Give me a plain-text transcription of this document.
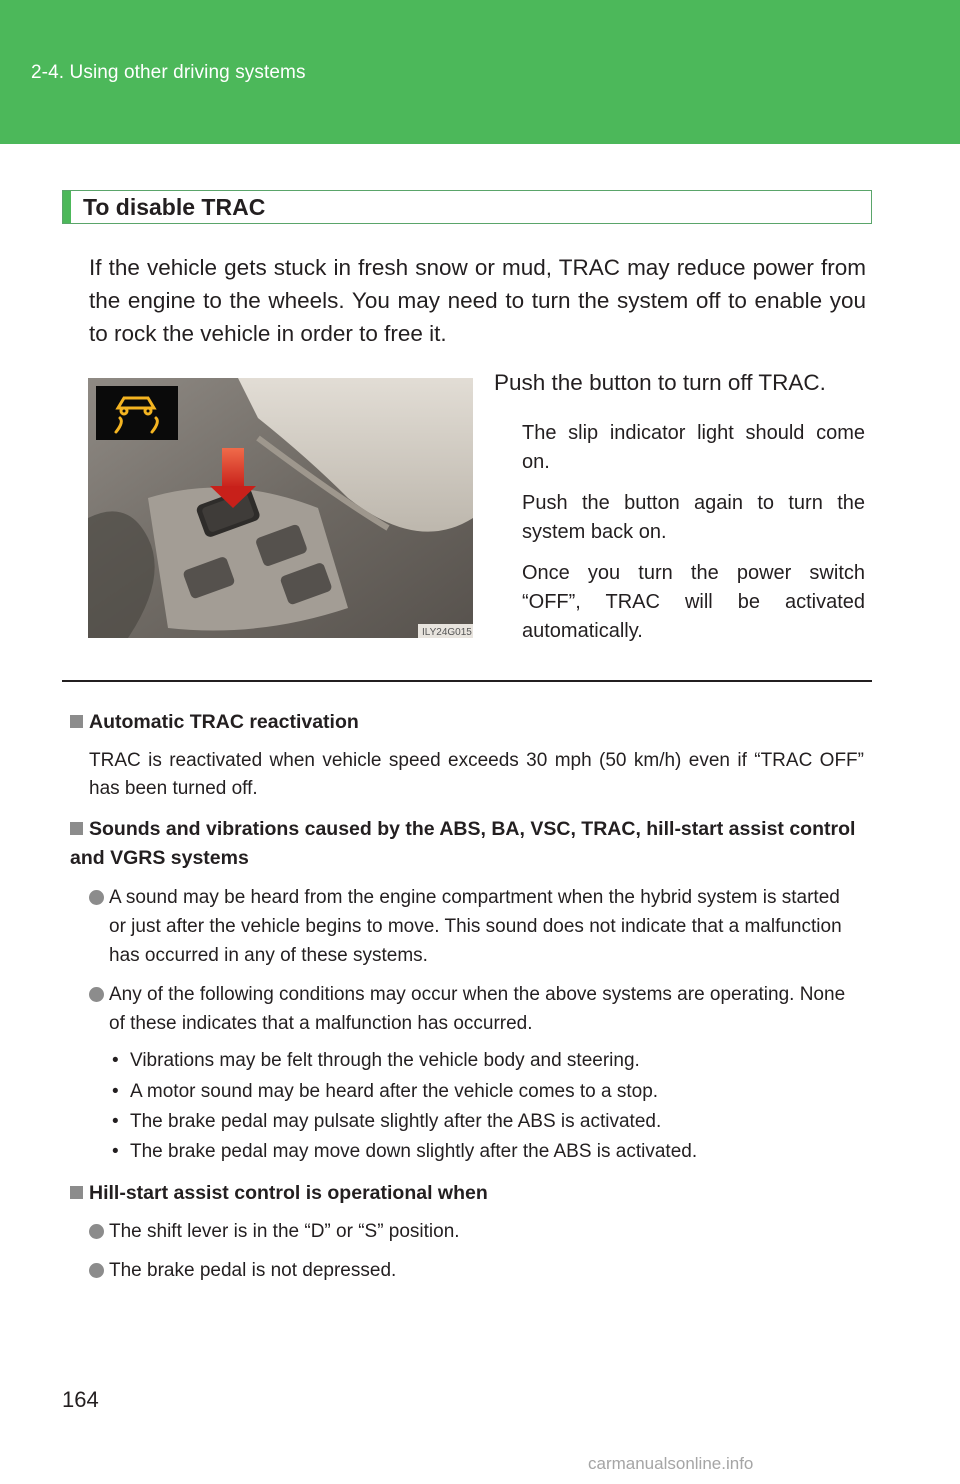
2-4. Using other driving systems
To disable TRAC

If the vehicle gets stuck in fresh snow or mud, TRAC may reduce power from the engine to the wheels. You may need to turn the system off to enable you to rock the vehicle in order to free it.

ILY24G015

Push the button to turn off TRAC.

The slip indicator light should come on.

Push the button again to turn the system back on.

Once you turn the power switch “OFF”, TRAC will be activated automatically.

Automatic TRAC reactivation

TRAC is reactivated when vehicle speed exceeds 30 mph (50 km/h) even if “TRAC OFF” has been turned off.

Sounds and vibrations caused by the ABS, BA, VSC, TRAC, hill-start assist control and VGRS systems

A sound may be heard from the engine compartment when the hybrid system is started or just after the vehicle begins to move. This sound does not indicate that a malfunction has occurred in any of these systems.

Any of the following conditions may occur when the above systems are operating. None of these indicates that a malfunction has occurred.

• Vibrations may be felt through the vehicle body and steering.

• A motor sound may be heard after the vehicle comes to a stop.

• The brake pedal may pulsate slightly after the ABS is activated.

• The brake pedal may move down slightly after the ABS is activated.

Hill-start assist control is operational when

The shift lever is in the “D” or “S” position.

The brake pedal is not depressed.

164
carmanualsonline.info
